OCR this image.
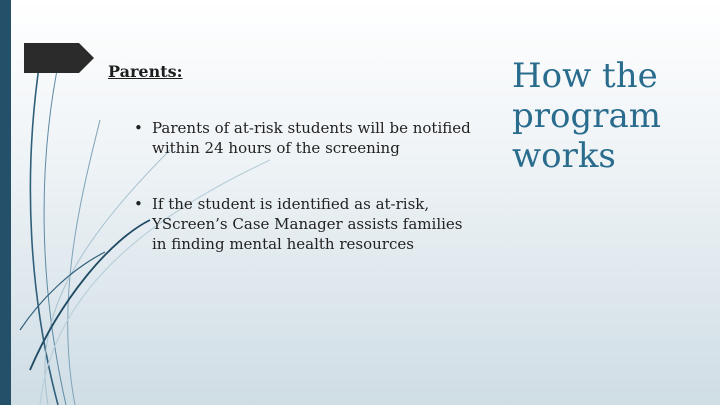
Parents:
• Parents of at-risk students will be notified within 24 hours of the screening
• If the student is identified as at-risk, YScreen’s Case Manager assists families in finding mental health resources
How the
program
works
